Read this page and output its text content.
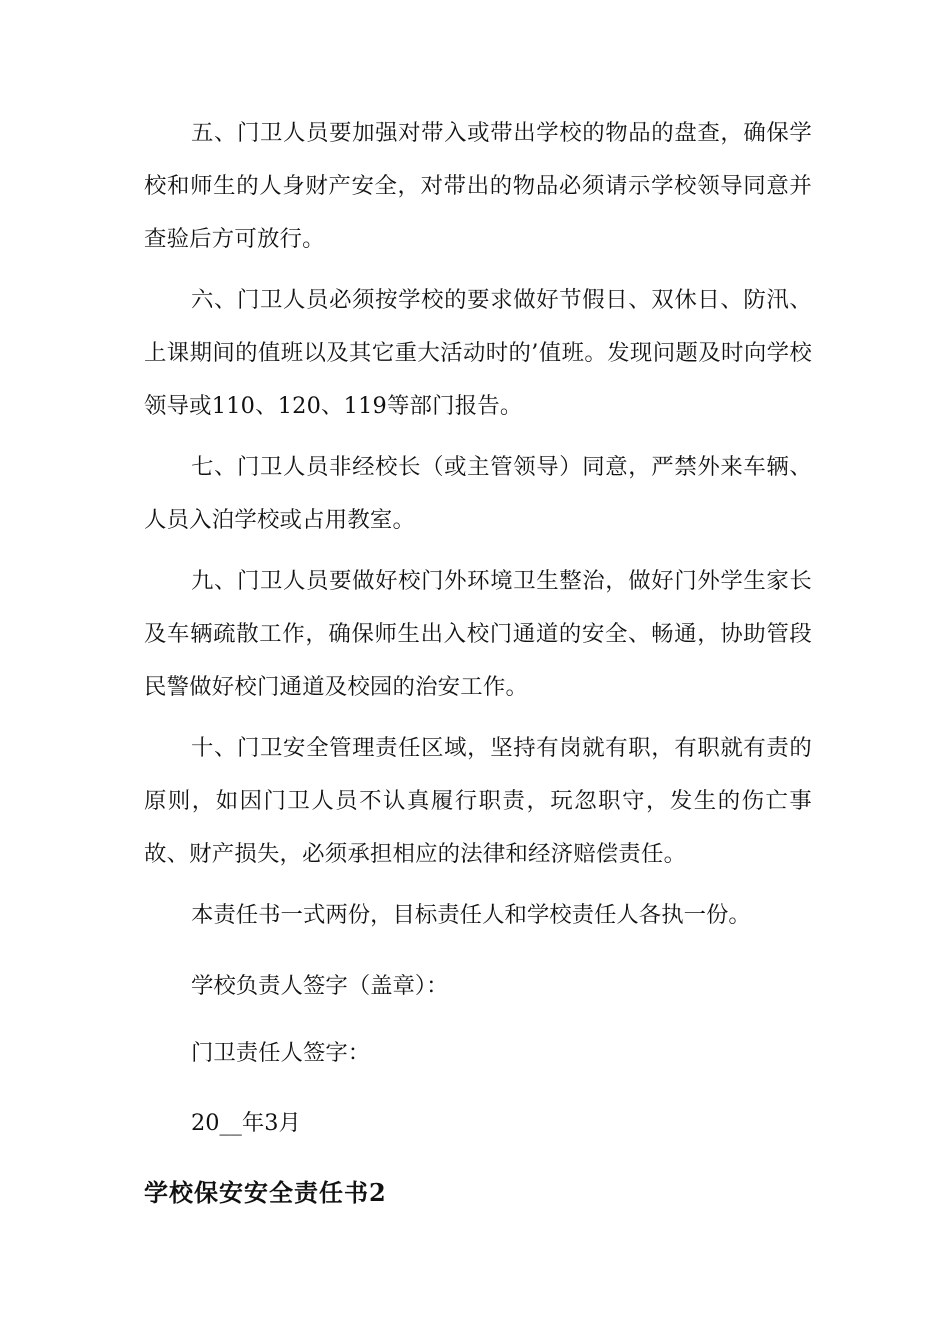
五、门卫人员要加强对带入或带出学校的物品的盘查，确保学校和师生的人身财产安全，对带出的物品必须请示学校领导同意并查验后方可放行。

六、门卫人员必须按学校的要求做好节假日、双休日、防汛、上课期间的值班以及其它重大活动时的’值班。发现问题及时向学校领导或110、120、119等部门报告。

七、门卫人员非经校长（或主管领导）同意，严禁外来车辆、人员入泊学校或占用教室。

九、门卫人员要做好校门外环境卫生整治，做好门外学生家长及车辆疏散工作，确保师生出入校门通道的安全、畅通，协助管段民警做好校门通道及校园的治安工作。

十、门卫安全管理责任区域，坚持有岗就有职，有职就有责的原则，如因门卫人员不认真履行职责，玩忽职守，发生的伤亡事故、财产损失，必须承担相应的法律和经济赔偿责任。

本责任书一式两份，目标责任人和学校责任人各执一份。

学校负责人签字（盖章）：

门卫责任人签字：

20__年3月

学校保安安全责任书2
